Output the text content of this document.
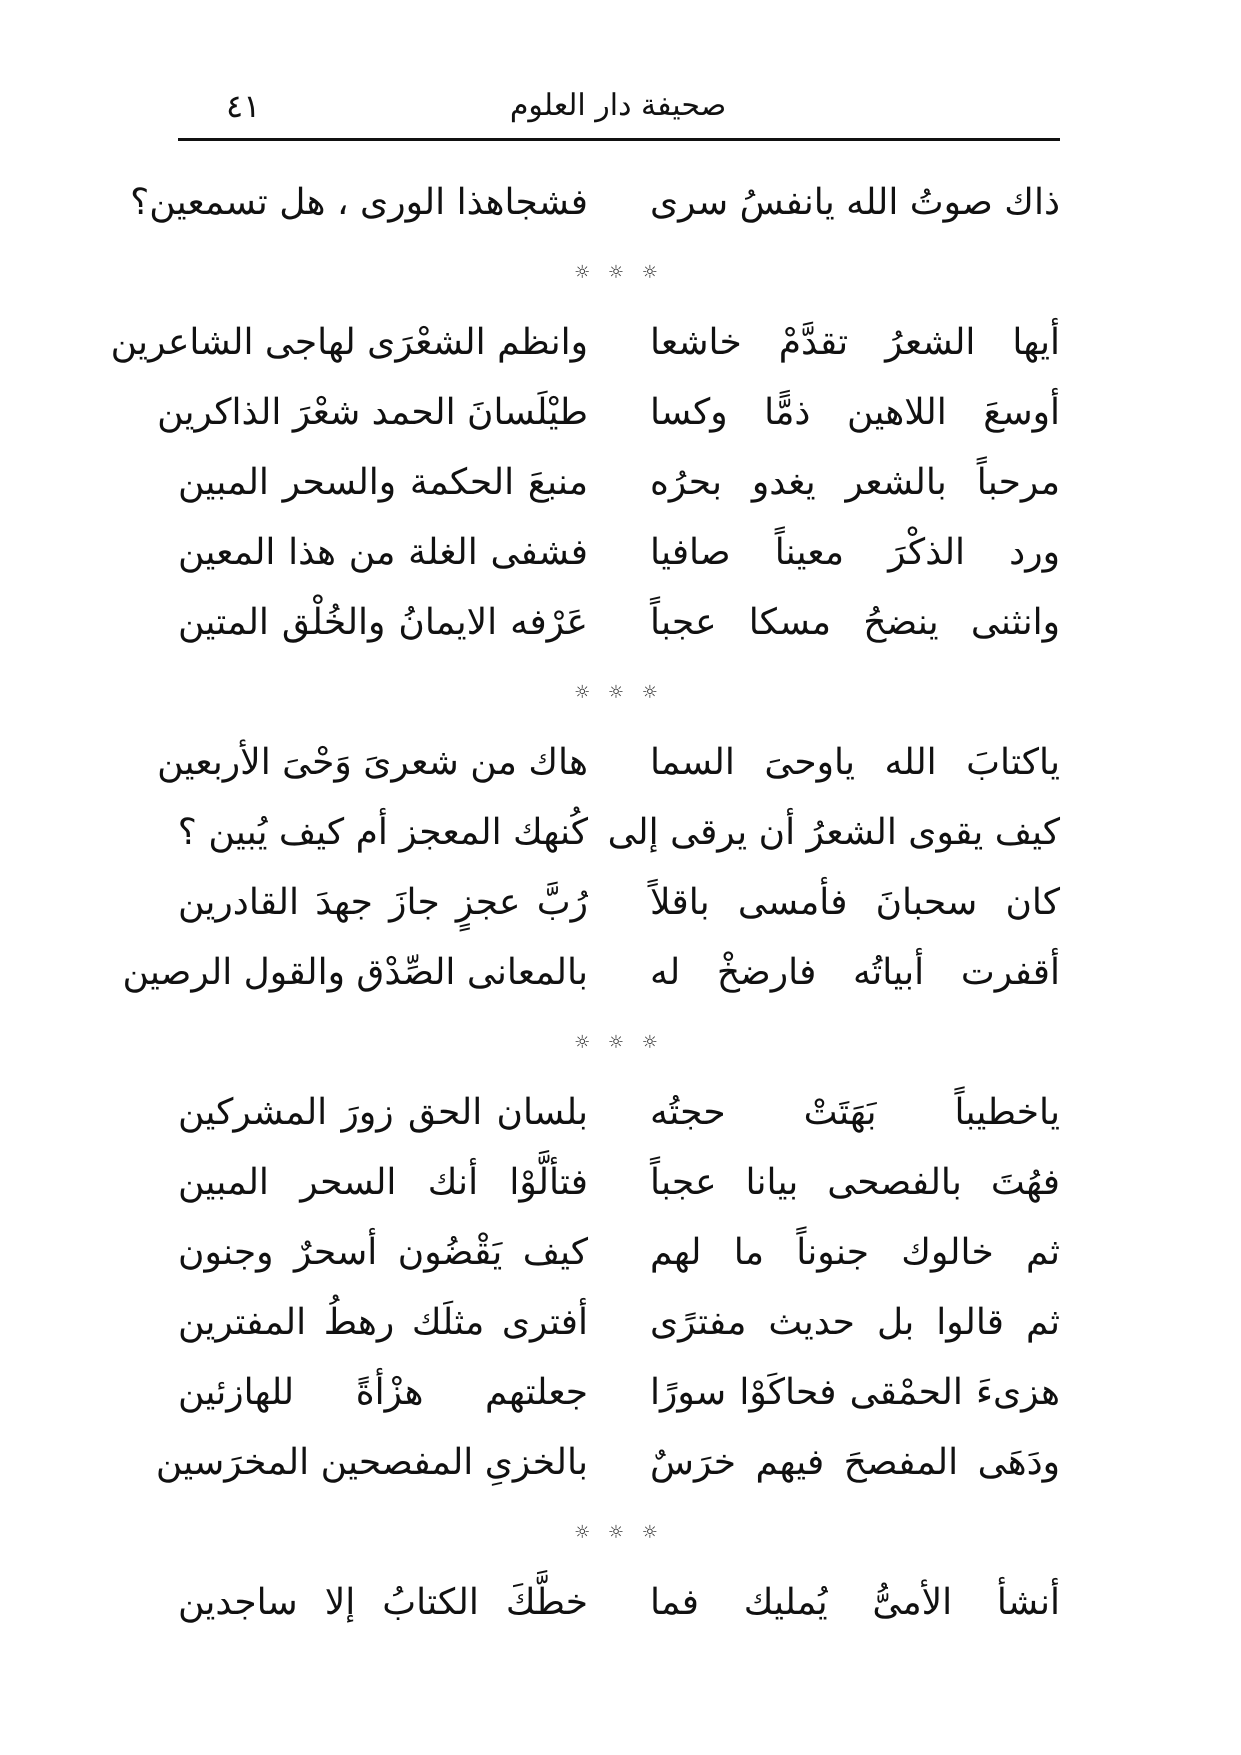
صحيفة دار العلوم
٤١
ذاك صوتُ الله يانفسُ سرى
فشجاهذا الورى ، هل تسمعين؟
☼ ☼ ☼
أيها الشعرُ تقدَّمْ خاشعا
وانظم الشعْرَى لهاجى الشاعرين
أوسعَ اللاهين ذمًّا وكسا
طيْلَسانَ الحمد شعْرَ الذاكرين
مرحباً بالشعر يغدو بحرُه
منبعَ الحكمة والسحر المبين
ورد الذكْرَ معيناً صافيا
فشفى الغلة من هذا المعين
وانثنى ينضحُ مسكا عجباً
عَرْفه الايمانُ والخُلْق المتين
☼ ☼ ☼
ياكتابَ الله ياوحىَ السما
هاك من شعرىَ وَحْىَ الأربعين
كيف يقوى الشعرُ أن يرقى إلى
كُنهك المعجز أم كيف يُبين ؟
كان سحبانَ فأمسى باقلاً
رُبَّ عجزٍ جازَ جهدَ القادرين
أقفرت أبياتُه فارضخْ له
بالمعانى الصِّدْق والقول الرصين
☼ ☼ ☼
ياخطيباً بَهَتَتْ حجتُه
بلسان الحق زورَ المشركين
فهُتَ بالفصحى بيانا عجباً
فتألَّوْا أنك السحر المبين
ثم خالوك جنوناً ما لهم
كيف يَقْضُون أسحرٌ وجنون
ثم قالوا بل حديث مفترًى
أفترى مثلَك رهطُ المفترين
هزىءَ الحمْقى فحاكَوْا سورًا
جعلتهم هزْأةً للهازئين
ودَهَى المفصحَ فيهم خرَسٌ
بالخزىِ المفصحين المخرَسين
☼ ☼ ☼
أنشأ الأمىُّ يُمليك فما
خطَّكَ الكتابُ إلا ساجدين
